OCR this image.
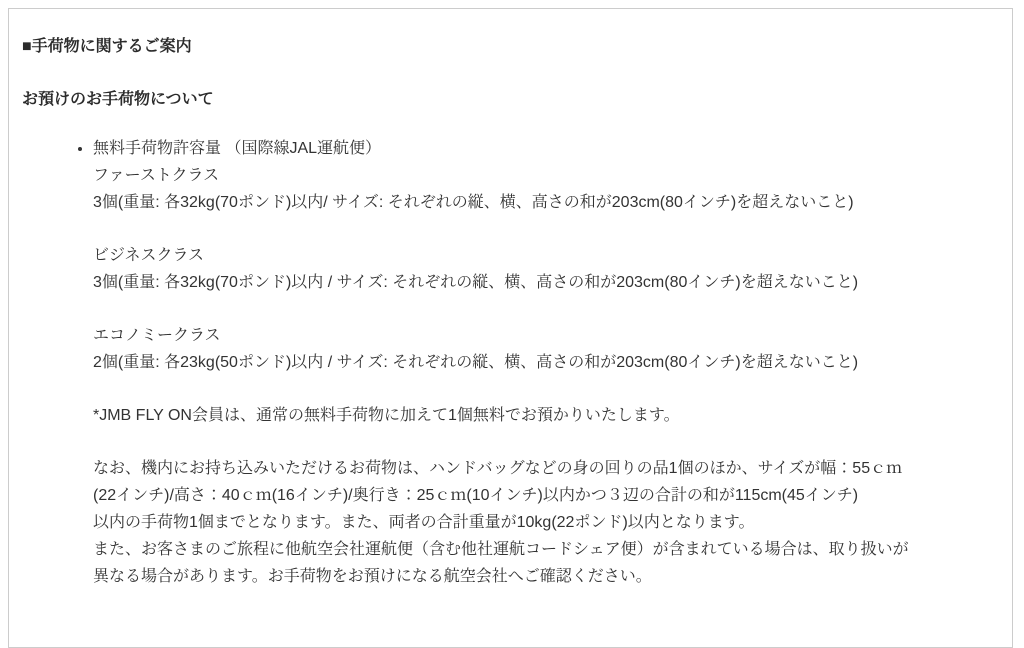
■手荷物に関するご案内
お預けのお手荷物について
• 無料手荷物許容量 （国際線JAL運航便）
ファーストクラス
3個(重量: 各32kg(70ポンド)以内/ サイズ: それぞれの縦、横、高さの和が203cm(80インチ)を超えないこと)
ビジネスクラス
3個(重量: 各32kg(70ポンド)以内 / サイズ: それぞれの縦、横、高さの和が203cm(80インチ)を超えないこと)
エコノミークラス
2個(重量: 各23kg(50ポンド)以内 / サイズ: それぞれの縦、横、高さの和が203cm(80インチ)を超えないこと)
*JMB FLY ON会員は、通常の無料手荷物に加えて1個無料でお預かりいたします。
なお、機内にお持ち込みいただけるお荷物は、ハンドバッグなどの身の回りの品1個のほか、サイズが幅：55ｃｍ
(22インチ)/高さ：40ｃｍ(16インチ)/奥行き：25ｃｍ(10インチ)以内かつ３辺の合計の和が115cm(45インチ)
以内の手荷物1個までとなります。また、両者の合計重量が10kg(22ポンド)以内となります。
また、お客さまのご旅程に他航空会社運航便（含む他社運航コードシェア便）が含まれている場合は、取り扱いが
異なる場合があります。お手荷物をお預けになる航空会社へご確認ください。
